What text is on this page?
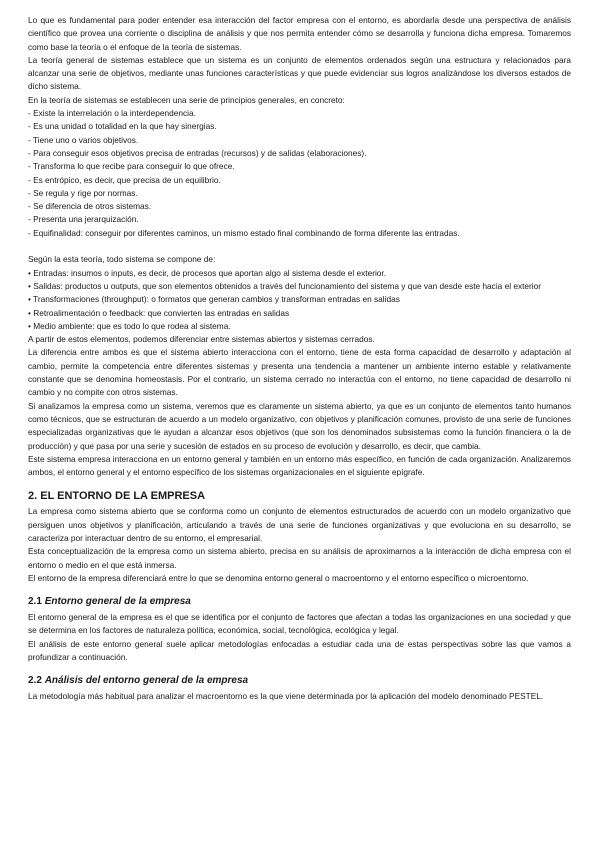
Lo que es fundamental para poder entender esa interacción del factor empresa con el entorno, es abordarla desde una perspectiva de análisis científico que provea una corriente o disciplina de análisis y que nos permita entender cómo se desarrolla y funciona dicha empresa. Tomaremos como base la teoría o el enfoque de la teoría de sistemas.

La teoría general de sistemas establece que un sistema es un conjunto de elementos ordenados según una estructura y relacionados para alcanzar una serie de objetivos, mediante unas funciones características y que puede evidenciar sus logros analizándose los diversos estados de dicho sistema.

En la teoría de sistemas se establecen una serie de principios generales, en concreto:

- Existe la interrelación o la interdependencia.
- Es una unidad o totalidad en la que hay sinergias.
- Tiene uno o varios objetivos.
- Para conseguir esos objetivos precisa de entradas (recursos) y de salidas (elaboraciones).
- Transforma lo que recibe para conseguir lo que ofrece.
- Es entrópico, es decir, que precisa de un equilibrio.
- Se regula y rige por normas.
- Se diferencia de otros sistemas.
- Presenta una jerarquización.
- Equifinalidad: conseguir por diferentes caminos, un mismo estado final combinando de forma diferente las entradas.

Según la esta teoría, todo sistema se compone de:

• Entradas: insumos o inputs, es decir, de procesos que aportan algo al sistema desde el exterior.
• Salidas: productos u outputs, que son elementos obtenidos a través del funcionamiento del sistema y que van desde este hacia el exterior
• Transformaciones (throughput): o formatos que generan cambios y transforman entradas en salidas
• Retroalimentación o feedback: que convierten las entradas en salidas
• Medio ambiente: que es todo lo que rodea al sistema.

A partir de estos elementos, podemos diferenciar entre sistemas abiertos y sistemas cerrados.

La diferencia entre ambos es que el sistema abierto interacciona con el entorno, tiene de esta forma capacidad de desarrollo y adaptación al cambio, permite la competencia entre diferentes sistemas y presenta una tendencia a mantener un ambiente interno estable y relativamente constante que se denomina homeostasis. Por el contrario, un sistema cerrado no interactúa con el entorno, no tiene capacidad de desarrollo ni cambio y no compite con otros sistemas.

Si analizamos la empresa como un sistema, veremos que es claramente un sistema abierto, ya que es un conjunto de elementos tanto humanos como técnicos, que se estructuran de acuerdo a un modelo organizativo, con objetivos y planificación comunes, provisto de una serie de funciones especializadas organizativas que le ayudan a alcanzar esos objetivos (que son los denominados subsistemas como la función financiera o la de producción) y que pasa por una serie y sucesión de estados en su proceso de evolución y desarrollo, es decir, que cambia.

Este sistema empresa interacciona en un entorno general y también en un entorno más específico, en función de cada organización. Analizaremos ambos, el entorno general y el entorno específico de los sistemas organizacionales en el siguiente epígrafe.

2. EL ENTORNO DE LA EMPRESA

La empresa como sistema abierto que se conforma como un conjunto de elementos estructurados de acuerdo con un modelo organizativo que persiguen unos objetivos y planificación, articulando a través de una serie de funciones organizativas y que evoluciona en su desarrollo, se caracteriza por interactuar dentro de su entorno, el empresarial.

Esta conceptualización de la empresa como un sistema abierto, precisa en su análisis de aproximarnos a la interacción de dicha empresa con el entorno o medio en el que está inmersa.

El entorno de la empresa diferenciará entre lo que se denomina entorno general o macroentorno y el entorno específico o microentorno.

2.1 Entorno general de la empresa

El entorno general de la empresa es el que se identifica por el conjunto de factores que afectan a todas las organizaciones en una sociedad y que se determina en los factores de naturaleza política, económica, social, tecnológica, ecológica y legal.

El análisis de este entorno general suele aplicar metodologías enfocadas a estudiar cada una de estas perspectivas sobre las que vamos a profundizar a continuación.

2.2 Análisis del entorno general de la empresa

La metodología más habitual para analizar el macroentorno es la que viene determinada por la aplicación del modelo denominado PESTEL.
